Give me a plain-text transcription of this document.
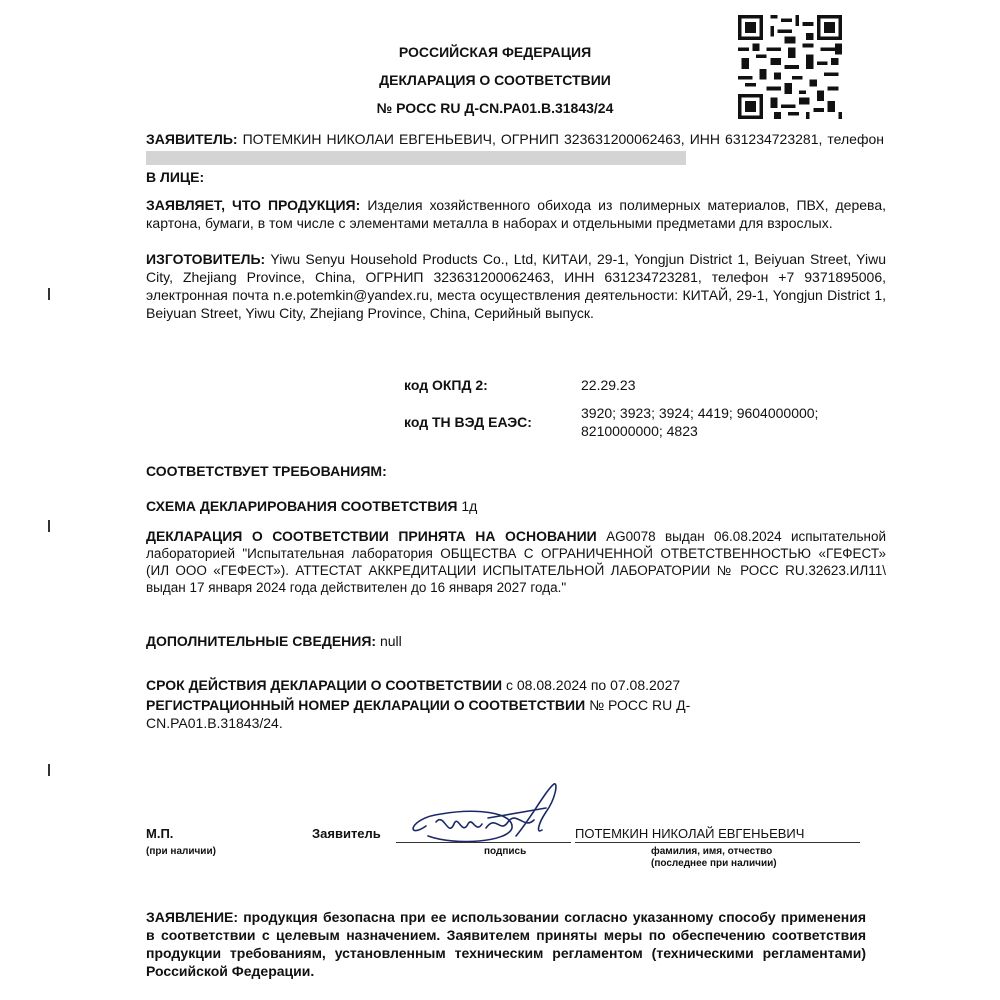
РОССИЙСКАЯ ФЕДЕРАЦИЯ
ДЕКЛАРАЦИЯ О СООТВЕТСТВИИ
№ РОСС RU Д-CN.PA01.B.31843/24
ЗАЯВИТЕЛЬ: ПОТЕМКИН НИКОЛАИ ЕВГЕНЬЕВИЧ, ОГРНИП 323631200062463, ИНН 631234723281, телефон
В ЛИЦЕ:
ЗАЯВЛЯЕТ, ЧТО ПРОДУКЦИЯ: Изделия хозяйственного обихода из полимерных материалов, ПВХ, дерева, картона, бумаги, в том числе с элементами металла в наборах и отдельными предметами для взрослых.
ИЗГОТОВИТЕЛЬ: Yiwu Senyu Household Products Co., Ltd, КИТАИ, 29-1, Yongjun District 1, Beiyuan Street, Yiwu City, Zhejiang Province, China, ОГРНИП 323631200062463, ИНН 631234723281, телефон +7 9371895006, электронная почта n.e.potemkin@yandex.ru, места осуществления деятельности: КИТАЙ, 29-1, Yongjun District 1, Beiyuan Street, Yiwu City, Zhejiang Province, China, Серийный выпуск.
код ОКПД 2:	22.29.23
код ТН ВЭД ЕАЭС:
3920; 3923; 3924; 4419; 9604000000;
8210000000; 4823
СООТВЕТСТВУЕТ ТРЕБОВАНИЯМ:
СХЕМА ДЕКЛАРИРОВАНИЯ СООТВЕТСТВИЯ 1д
ДЕКЛАРАЦИЯ О СООТВЕТСТВИИ ПРИНЯТА НА ОСНОВАНИИ AG0078 выдан 06.08.2024 испытательной лабораторией "Испытательная лаборатория ОБЩЕСТВА С ОГРАНИЧЕННОЙ ОТВЕТСТВЕННОСТЬЮ «ГЕФЕСТ» (ИЛ ООО «ГЕФЕСТ»). АТТЕСТАТ АККРЕДИТАЦИИ ИСПЫТАТЕЛЬНОЙ ЛАБОРАТОРИИ № РОСС RU.32623.ИЛ11\ выдан 17 января 2024 года действителен до 16 января 2027 года."
ДОПОЛНИТЕЛЬНЫЕ СВЕДЕНИЯ: null
СРОК ДЕЙСТВИЯ ДЕКЛАРАЦИИ О СООТВЕТСТВИИ с 08.08.2024 по 07.08.2027
РЕГИСТРАЦИОННЫЙ НОМЕР ДЕКЛАРАЦИИ О СООТВЕТСТВИИ № РОСС RU Д-CN.PA01.B.31843/24.
М.П.
(при наличии)
Заявитель
подпись
ПОТЕМКИН НИКОЛАЙ ЕВГЕНЬЕВИЧ
фамилия, имя, отчество
(последнее при наличии)
ЗАЯВЛЕНИЕ: продукция безопасна при ее использовании согласно указанному способу применения в соответствии с целевым назначением. Заявителем приняты меры по обеспечению соответствия продукции требованиям, установленным техническим регламентом (техническими регламентами) Российской Федерации.
